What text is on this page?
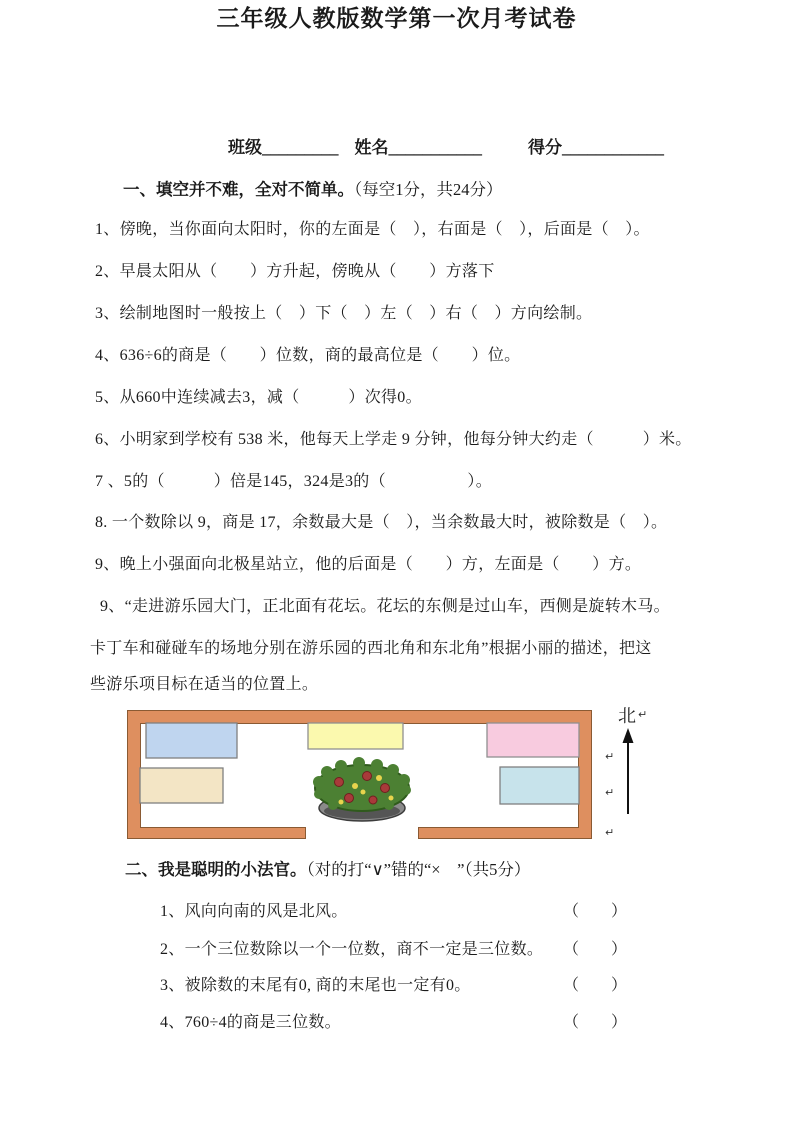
三年级人教版数学第一次月考试卷
班级_________ 姓名___________	得分____________
一、填空并不难，全对不简单。（每空1分，共24分）
1、傍晚，当你面向太阳时，你的左面是（　），右面是（　），后面是（　）。
2、早晨太阳从（　　）方升起，傍晚从（　　）方落下
3、绘制地图时一般按上（　）下（　）左（　）右（　）方向绘制。
4、636÷6的商是（　　）位数，商的最高位是（　　）位。
5、从660中连续减去3，减（　　　）次得0。
6、小明家到学校有 538 米，他每天上学走 9 分钟，他每分钟大约走（　　　）米。
7 、5的（　　　）倍是145，324是3的（　　　　　）。
8. 一个数除以 9，商是 17，余数最大是（　），当余数最大时，被除数是（　）。
9、晚上小强面向北极星站立，他的后面是（　　）方，左面是（　　）方。
9、“走进游乐园大门，正北面有花坛。花坛的东侧是过山车，西侧是旋转木马。
卡丁车和碰碰车的场地分别在游乐园的西北角和东北角”根据小丽的描述，把这
些游乐项目标在适当的位置上。
北 ↵
↵
↵
↵
二、我是聪明的小法官。（对的打“∨”错的“×　”（共5分）
1、风向向南的风是北风。	（　　）
2、一个三位数除以一个一位数，商不一定是三位数。 （　　）
3、被除数的末尾有0, 商的末尾也一定有0。	（　　）
4、760÷4的商是三位数。	（　　）
